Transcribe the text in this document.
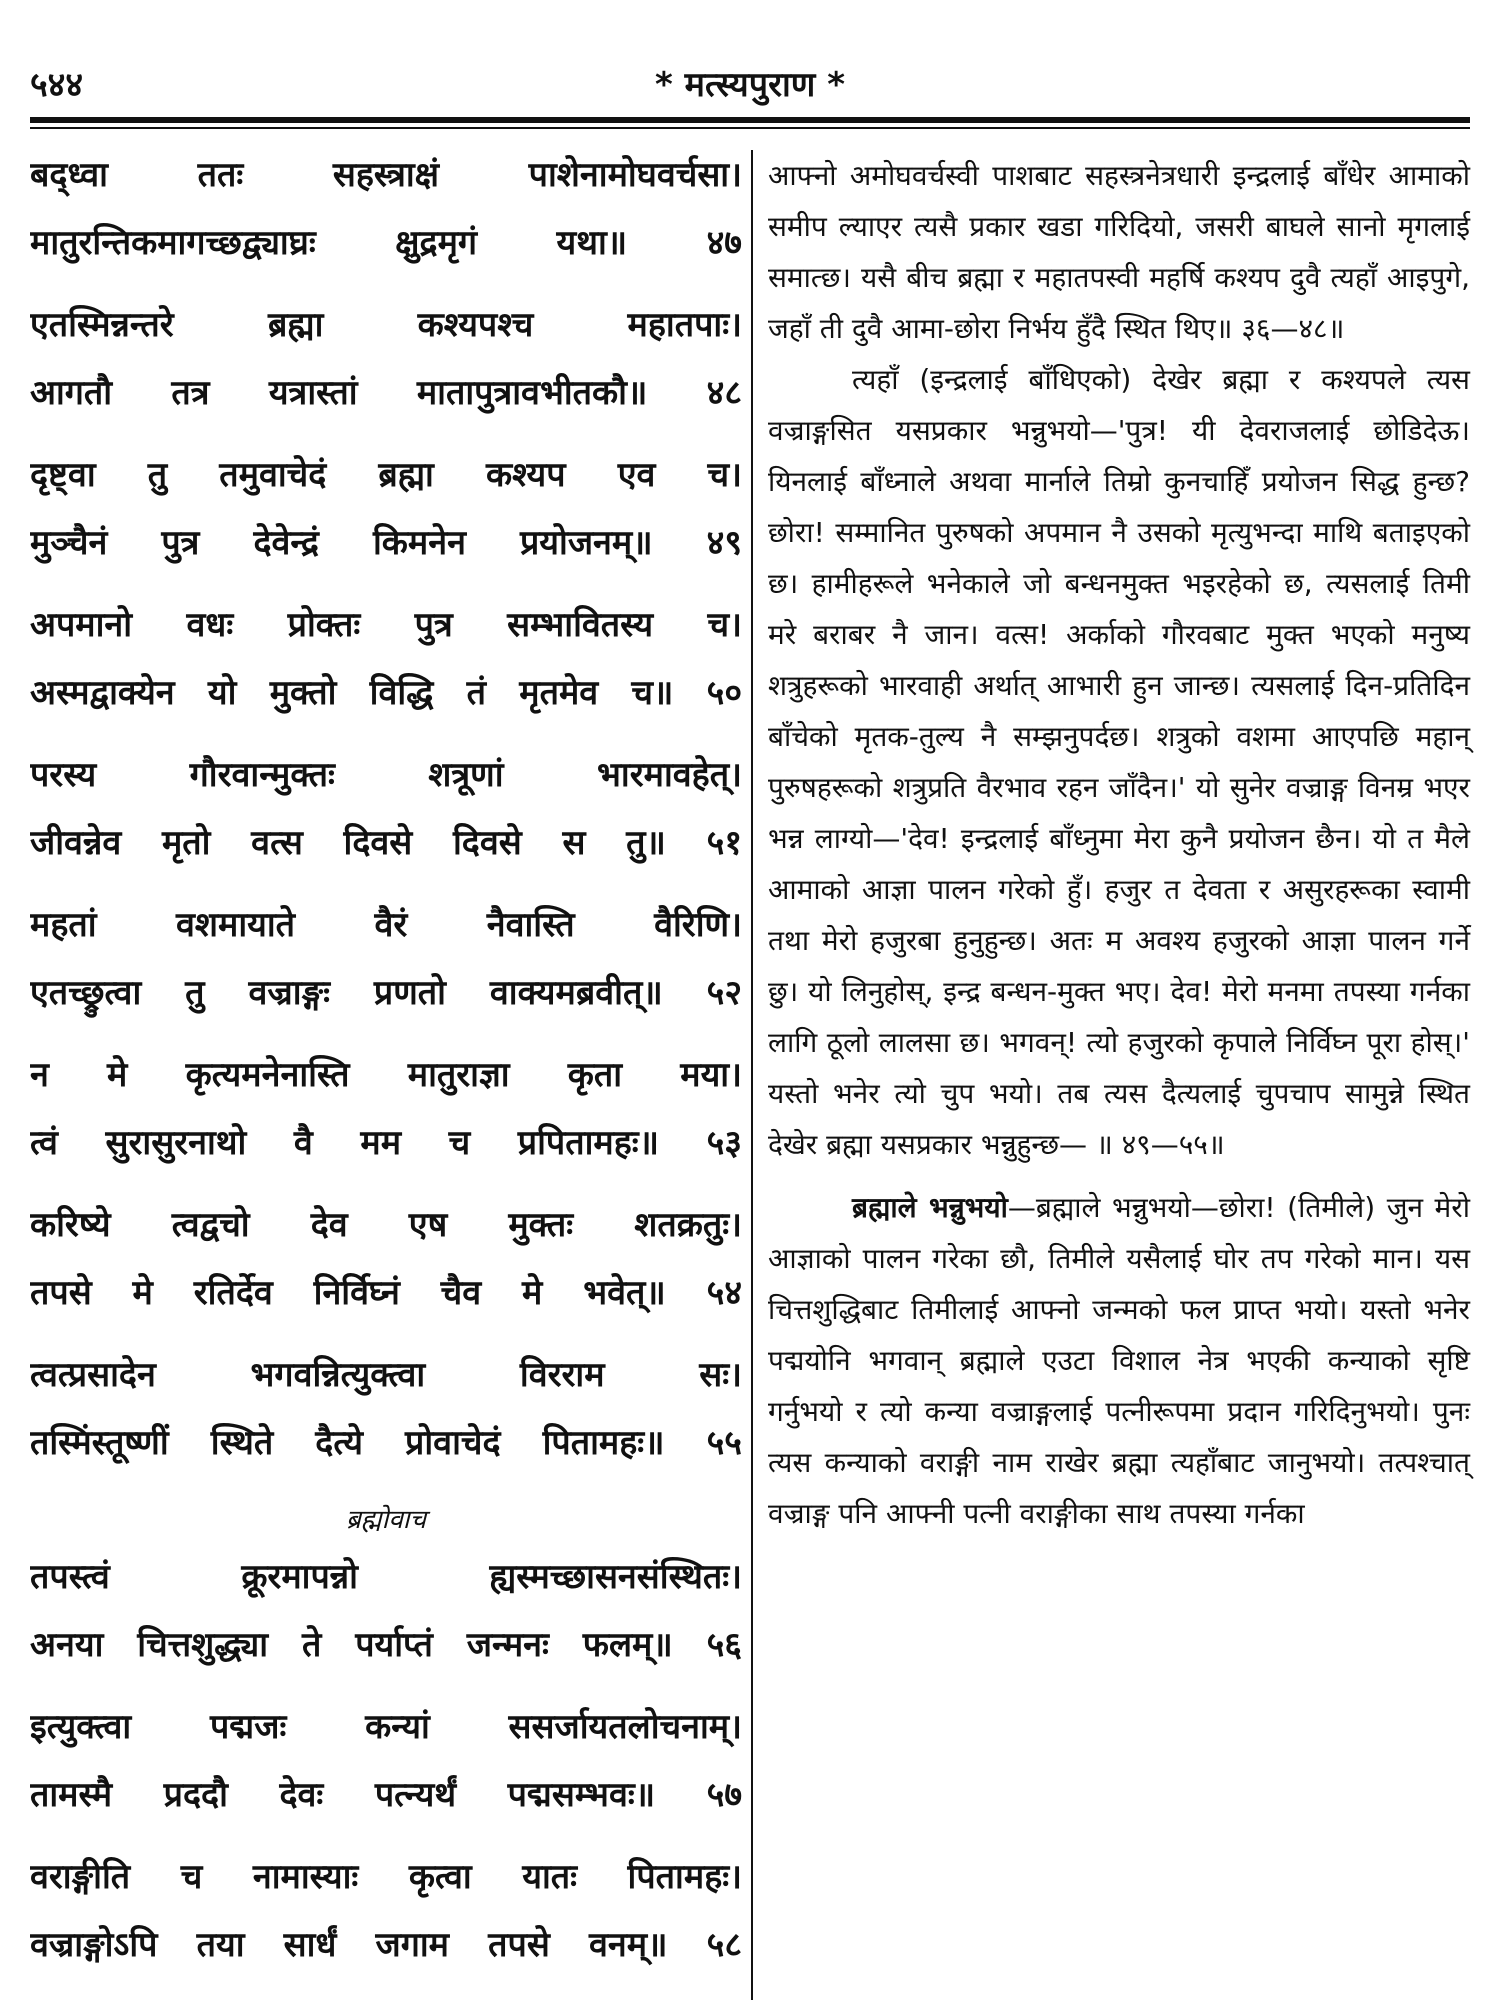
* मत्स्यपुराण *
५४४
बद्ध्वा ततः सहस्त्राक्षं पाशेनामोघवर्चसा।
मातुरन्तिकमागच्छद्व्याघ्रः क्षुद्रमृगं यथा॥ ४७
एतस्मिन्नन्तरे ब्रह्मा कश्यपश्च महातपाः।
आगतौ तत्र यत्रास्तां मातापुत्रावभीतकौ॥ ४८
दृष्ट्वा तु तमुवाचेदं ब्रह्मा कश्यप एव च।
मुञ्चैनं पुत्र देवेन्द्रं किमनेन प्रयोजनम्॥ ४९
अपमानो वधः प्रोक्तः पुत्र सम्भावितस्य च।
अस्मद्वाक्येन यो मुक्तो विद्धि तं मृतमेव च॥ ५०
परस्य गौरवान्मुक्तः शत्रूणां भारमावहेत्।
जीवन्नेव मृतो वत्स दिवसे दिवसे स तु॥ ५१
महतां वशमायाते वैरं नैवास्ति वैरिणि।
एतच्छ्रुत्वा तु वज्राङ्गः प्रणतो वाक्यमब्रवीत्॥ ५२
न मे कृत्यमनेनास्ति मातुराज्ञा कृता मया।
त्वं सुरासुरनाथो वै मम च प्रपितामहः॥ ५३
करिष्ये त्वद्वचो देव एष मुक्तः शतक्रतुः।
तपसे मे रतिर्देव निर्विघ्नं चैव मे भवेत्॥ ५४
त्वत्प्रसादेन भगवन्नित्युक्त्वा विरराम सः।
तस्मिंस्तूष्णीं स्थिते दैत्ये प्रोवाचेदं पितामहः॥ ५५
ब्रह्मोवाच
तपस्त्वं क्रूरमापन्नो ह्यस्मच्छासनसंस्थितः।
अनया चित्तशुद्ध्या ते पर्याप्तं जन्मनः फलम्॥ ५६
इत्युक्त्वा पद्मजः कन्यां ससर्जायतलोचनाम्।
तामस्मै प्रददौ देवः पत्न्यर्थं पद्मसम्भवः॥ ५७
वराङ्गीति च नामास्याः कृत्वा यातः पितामहः।
वज्राङ्गोऽपि तया सार्धं जगाम तपसे वनम्॥ ५८

आफ्नो अमोघवर्चस्वी पाशबाट सहस्त्रनेत्रधारी इन्द्रलाई बाँधेर आमाको समीप ल्याएर त्यसै प्रकार खडा गरिदियो, जसरी बाघले सानो मृगलाई समात्छ। यसै बीच ब्रह्मा र महातपस्वी महर्षि कश्यप दुवै त्यहाँ आइपुगे, जहाँ ती दुवै आमा-छोरा निर्भय हुँदै स्थित थिए॥ ३६—४८॥

त्यहाँ (इन्द्रलाई बाँधिएको) देखेर ब्रह्मा र कश्यपले त्यस वज्राङ्गसित यसप्रकार भन्नुभयो—'पुत्र! यी देवराजलाई छोडिदेऊ। यिनलाई बाँध्नाले अथवा मार्नाले तिम्रो कुनचाहिँ प्रयोजन सिद्ध हुन्छ? छोरा! सम्मानित पुरुषको अपमान नै उसको मृत्युभन्दा माथि बताइएको छ। हामीहरूले भनेकाले जो बन्धनमुक्त भइरहेको छ, त्यसलाई तिमी मरे बराबर नै जान। वत्स! अर्काको गौरवबाट मुक्त भएको मनुष्य शत्रुहरूको भारवाही अर्थात् आभारी हुन जान्छ। त्यसलाई दिन-प्रतिदिन बाँचेको मृतक-तुल्य नै सम्झनुपर्दछ। शत्रुको वशमा आएपछि महान् पुरुषहरूको शत्रुप्रति वैरभाव रहन जाँदैन।' यो सुनेर वज्राङ्ग विनम्र भएर भन्न लाग्यो—'देव! इन्द्रलाई बाँध्नुमा मेरा कुनै प्रयोजन छैन। यो त मैले आमाको आज्ञा पालन गरेको हुँ। हजुर त देवता र असुरहरूका स्वामी तथा मेरो हजुरबा हुनुहुन्छ। अतः म अवश्य हजुरको आज्ञा पालन गर्ने छु। यो लिनुहोस्, इन्द्र बन्धन-मुक्त भए। देव! मेरो मनमा तपस्या गर्नका लागि ठूलो लालसा छ। भगवन्! त्यो हजुरको कृपाले निर्विघ्न पूरा होस्।' यस्तो भनेर त्यो चुप भयो। तब त्यस दैत्यलाई चुपचाप सामुन्ने स्थित देखेर ब्रह्मा यसप्रकार भन्नुहुन्छ— ॥ ४९—५५॥

ब्रह्माले भन्नुभयो—ब्रह्माले भन्नुभयो—छोरा! (तिमीले) जुन मेरो आज्ञाको पालन गरेका छौ, तिमीले यसैलाई घोर तप गरेको मान। यस चित्तशुद्धिबाट तिमीलाई आफ्नो जन्मको फल प्राप्त भयो। यस्तो भनेर पद्मयोनि भगवान् ब्रह्माले एउटा विशाल नेत्र भएकी कन्याको सृष्टि गर्नुभयो र त्यो कन्या वज्राङ्गलाई पत्नीरूपमा प्रदान गरिदिनुभयो। पुनः त्यस कन्याको वराङ्गी नाम राखेर ब्रह्मा त्यहाँबाट जानुभयो। तत्पश्चात् वज्राङ्ग पनि आफ्नी पत्नी वराङ्गीका साथ तपस्या गर्नका
